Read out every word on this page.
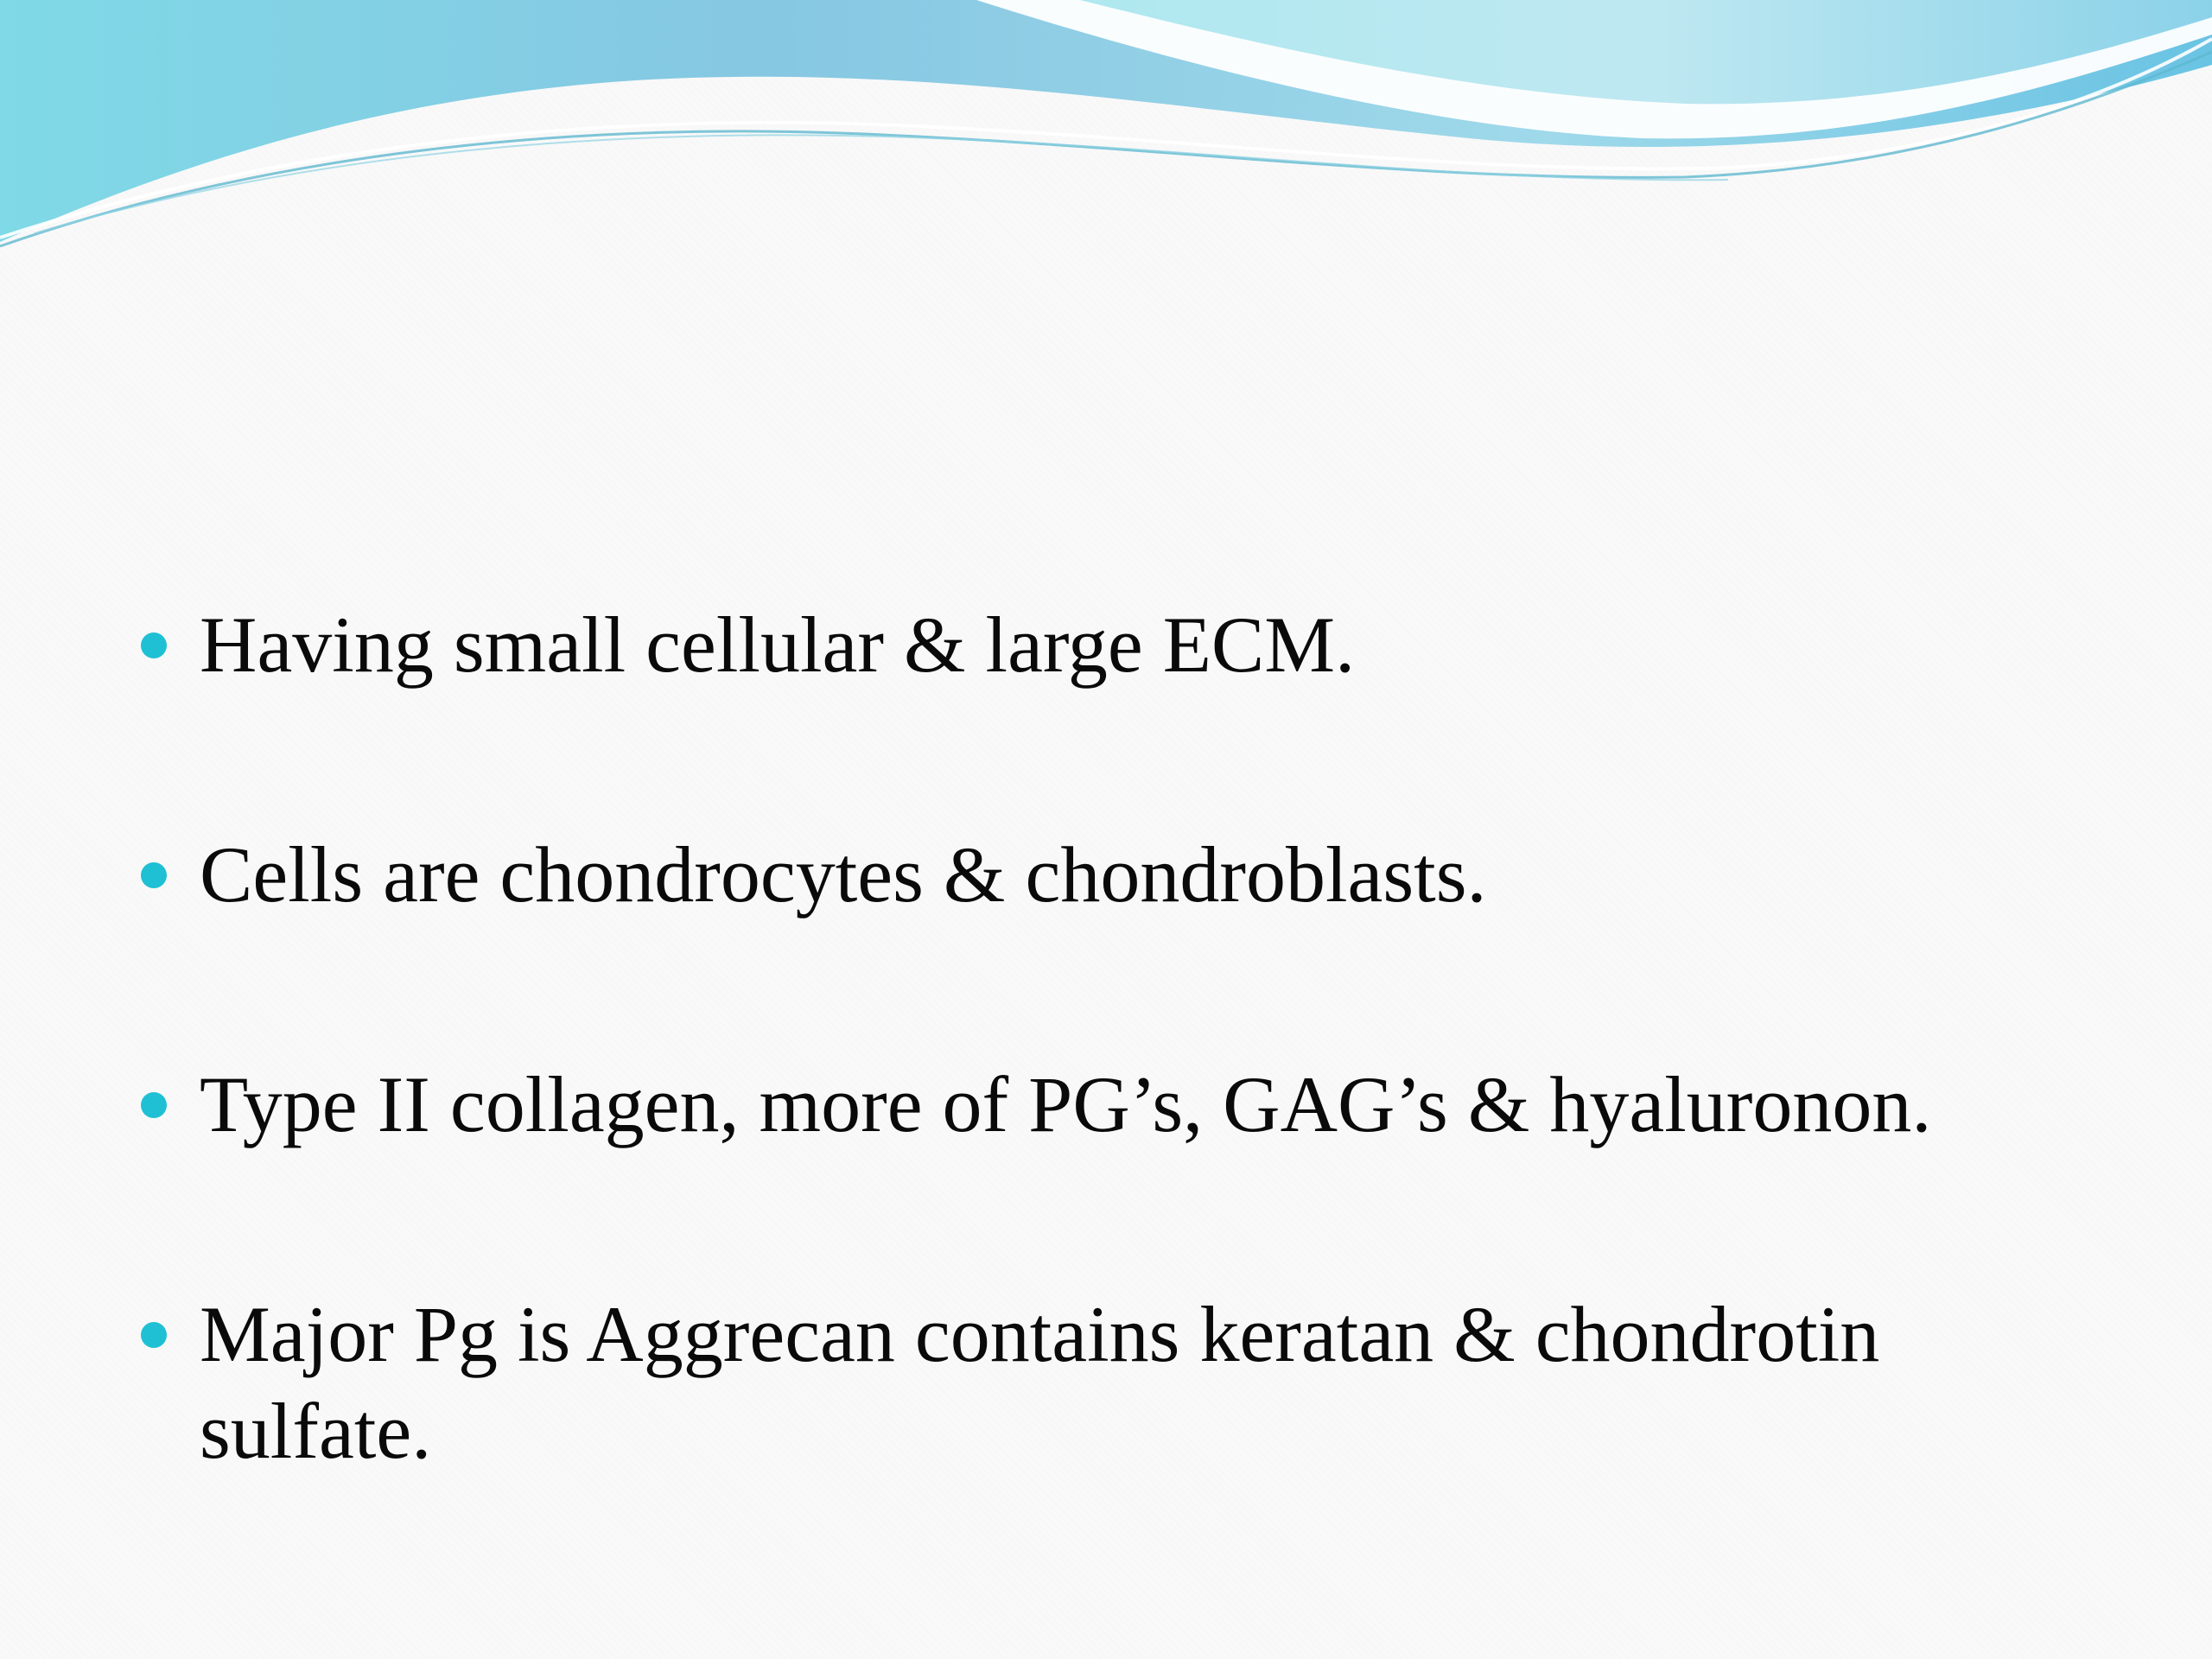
Having small cellular & large ECM.
Cells are chondrocytes & chondroblasts.
Type II collagen, more of PG’s, GAG’s & hyaluronon.
Major Pg is Aggrecan contains keratan & chondrotin sulfate.
